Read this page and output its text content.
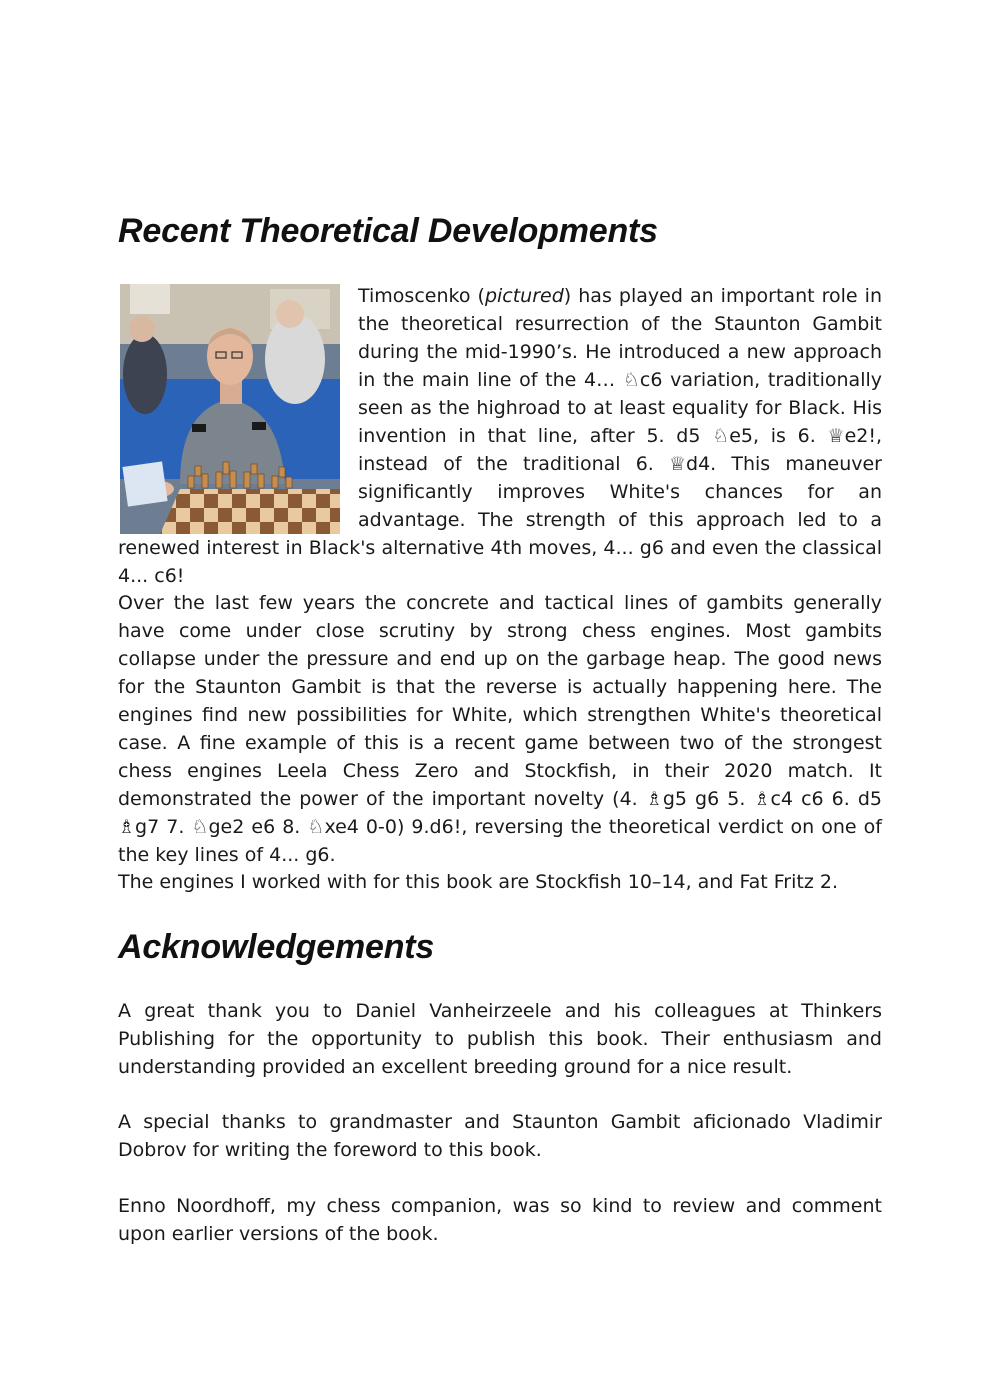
Recent Theoretical Developments

Timoscenko (pictured) has played an important role in the theoretical resurrection of the Staunton Gambit during the mid-1990’s. He introduced a new approach in the main line of the 4… ♘c6 variation, traditionally seen as the highroad to at least equality for Black. His invention in that line, after 5. d5 ♘e5, is 6. ♕e2!, instead of the traditional 6. ♕d4. This maneuver significantly improves White's chances for an advantage. The strength of this approach led to a renewed interest in Black's alternative 4th moves, 4... g6 and even the classical 4... c6!

Over the last few years the concrete and tactical lines of gambits generally have come under close scrutiny by strong chess engines. Most gambits collapse under the pressure and end up on the garbage heap. The good news for the Staunton Gambit is that the reverse is actually happening here. The engines find new possibilities for White, which strengthen White's theoretical case. A fine example of this is a recent game between two of the strongest chess engines Leela Chess Zero and Stockfish, in their 2020 match. It demonstrated the power of the important novelty (4. ♗g5 g6 5. ♗c4 c6 6. d5 ♗g7 7. ♘ge2 e6 8. ♘xe4 0-0) 9.d6!, reversing the theoretical verdict on one of the key lines of 4... g6.

The engines I worked with for this book are Stockfish 10–14, and Fat Fritz 2.

Acknowledgements

A great thank you to Daniel Vanheirzeele and his colleagues at Thinkers Publishing for the opportunity to publish this book. Their enthusiasm and understanding provided an excellent breeding ground for a nice result.

A special thanks to grandmaster and Staunton Gambit aficionado Vladimir Dobrov for writing the foreword to this book.

Enno Noordhoff, my chess companion, was so kind to review and comment upon earlier versions of the book.
